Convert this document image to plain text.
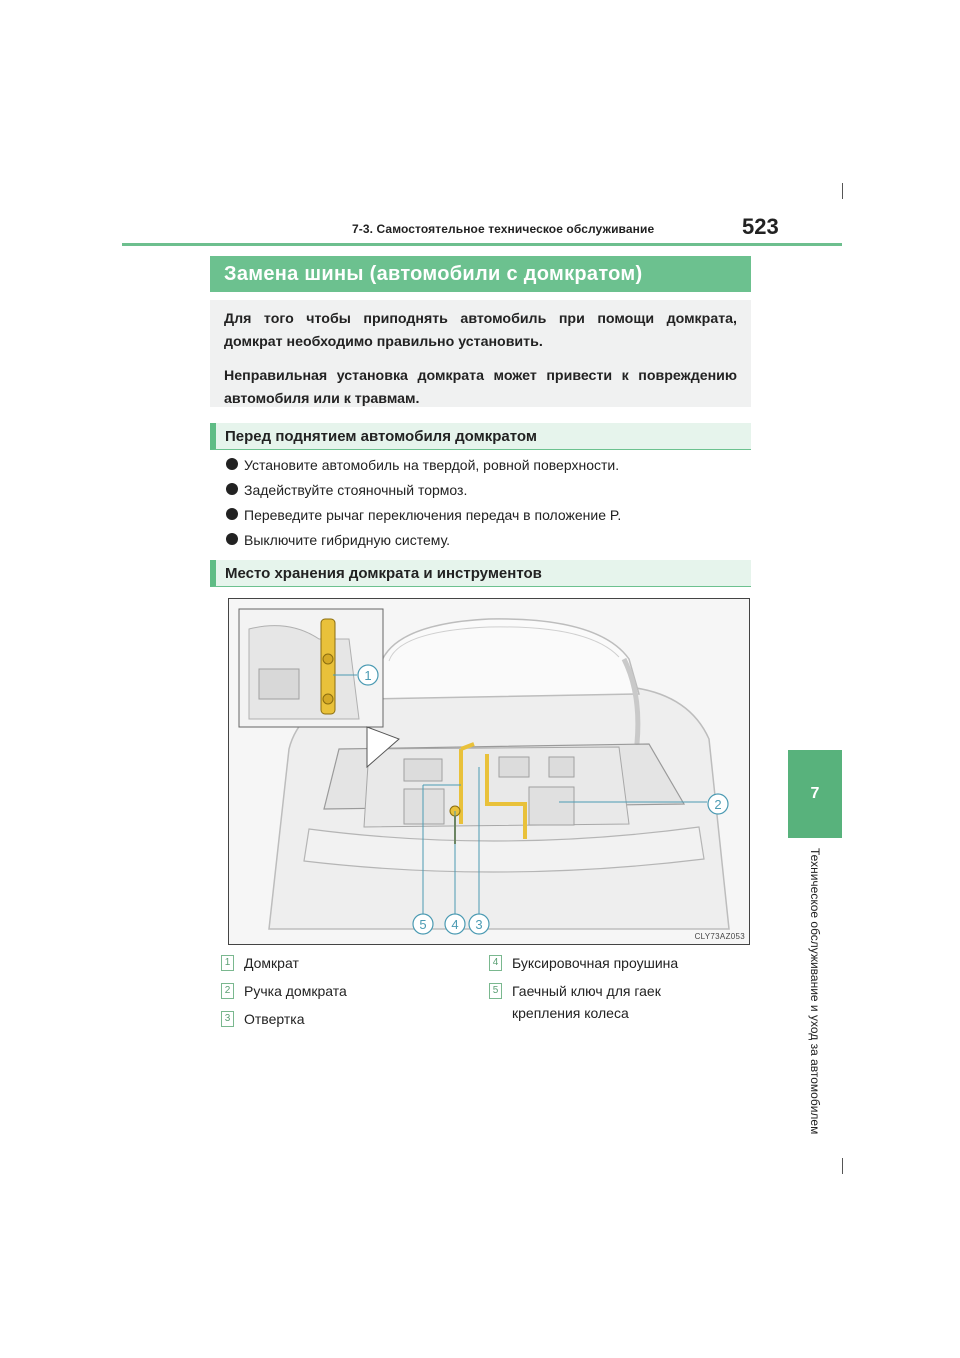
7-3. Самостоятельное техническое обслуживание	523
7
Техническое обслуживание и уход за автомобилем
Замена шины (автомобили с домкратом)

Для того чтобы приподнять автомобиль при помощи домкрата, домкрат необходимо правильно установить.

Неправильная установка домкрата может привести к повреждению автомобиля или к травмам.

Перед поднятием автомобиля домкратом
Установите автомобиль на твердой, ровной поверхности.
Задействуйте стояночный тормоз.
Переведите рычаг переключения передач в положение P.
Выключите гибридную систему.
Место хранения домкрата и инструментов
1
2
3
4
5
CLY73AZ053
1 Домкрат
2 Ручка домкрата
3 Отвертка
4 Буксировочная проушина
5 Гаечный ключ для гаек крепления колеса
